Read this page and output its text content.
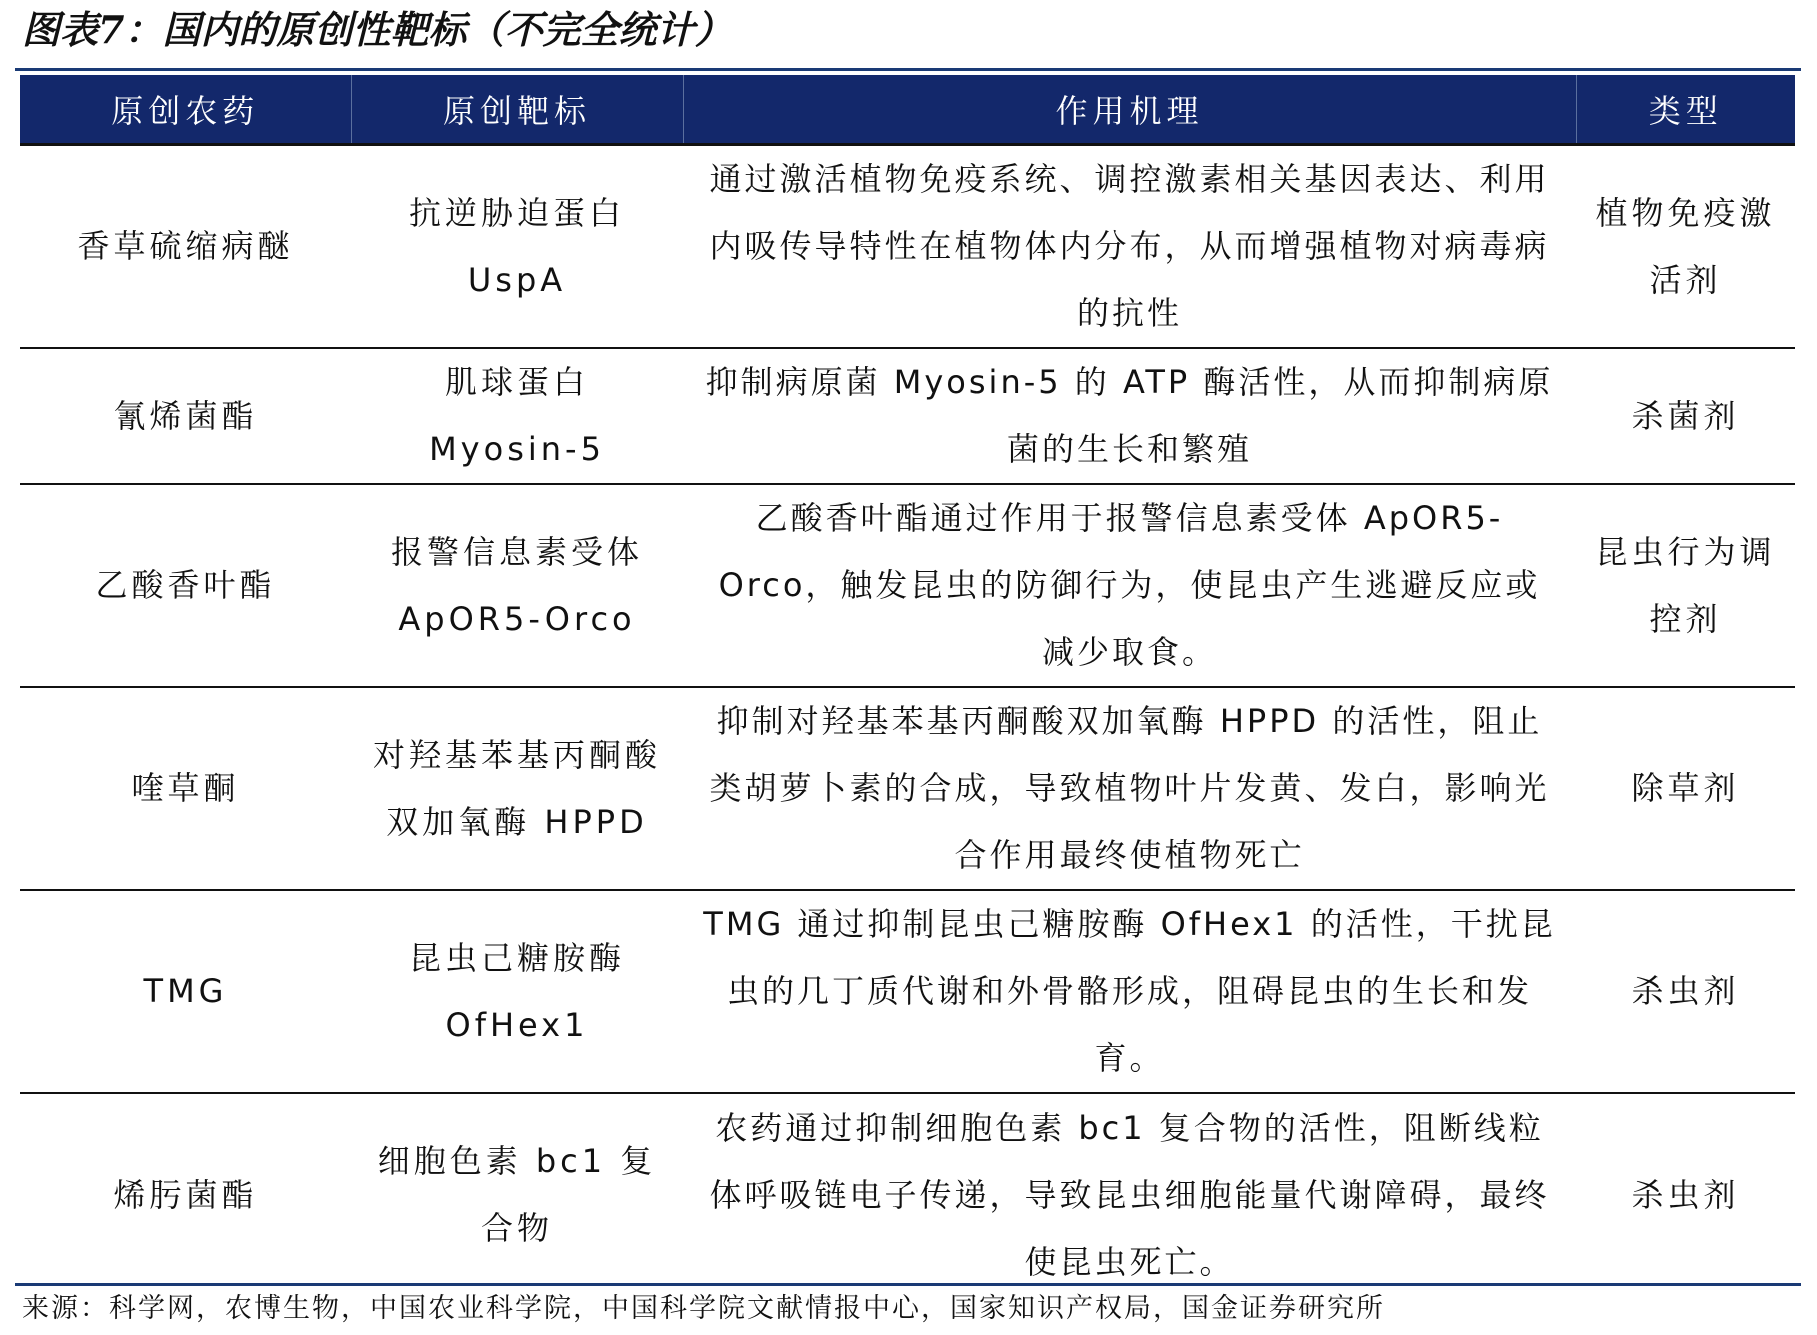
图表7：国内的原创性靶标（不完全统计）
原创农药	原创靶标	作用机理	类型
香草硫缩病醚	抗逆胁迫蛋白 UspA	通过激活植物免疫系统、调控激素相关基因表达、利用内吸传导特性在植物体内分布，从而增强植物对病毒病的抗性	植物免疫激活剂
氰烯菌酯	肌球蛋白 Myosin-5	抑制病原菌 Myosin-5 的 ATP 酶活性，从而抑制病原菌的生长和繁殖	杀菌剂
乙酸香叶酯	报警信息素受体 ApOR5-Orco	乙酸香叶酯通过作用于报警信息素受体 ApOR5-Orco，触发昆虫的防御行为，使昆虫产生逃避反应或减少取食。	昆虫行为调控剂
喹草酮	对羟基苯基丙酮酸双加氧酶 HPPD	抑制对羟基苯基丙酮酸双加氧酶 HPPD 的活性，阻止类胡萝卜素的合成，导致植物叶片发黄、发白，影响光合作用最终使植物死亡	除草剂
TMG	昆虫己糖胺酶 OfHex1	TMG 通过抑制昆虫己糖胺酶 OfHex1 的活性，干扰昆虫的几丁质代谢和外骨骼形成，阻碍昆虫的生长和发育。	杀虫剂
烯肟菌酯	细胞色素 bc1 复合物	农药通过抑制细胞色素 bc1 复合物的活性，阻断线粒体呼吸链电子传递，导致昆虫细胞能量代谢障碍，最终使昆虫死亡。	杀虫剂
来源：科学网，农博生物，中国农业科学院，中国科学院文献情报中心，国家知识产权局，国金证券研究所
